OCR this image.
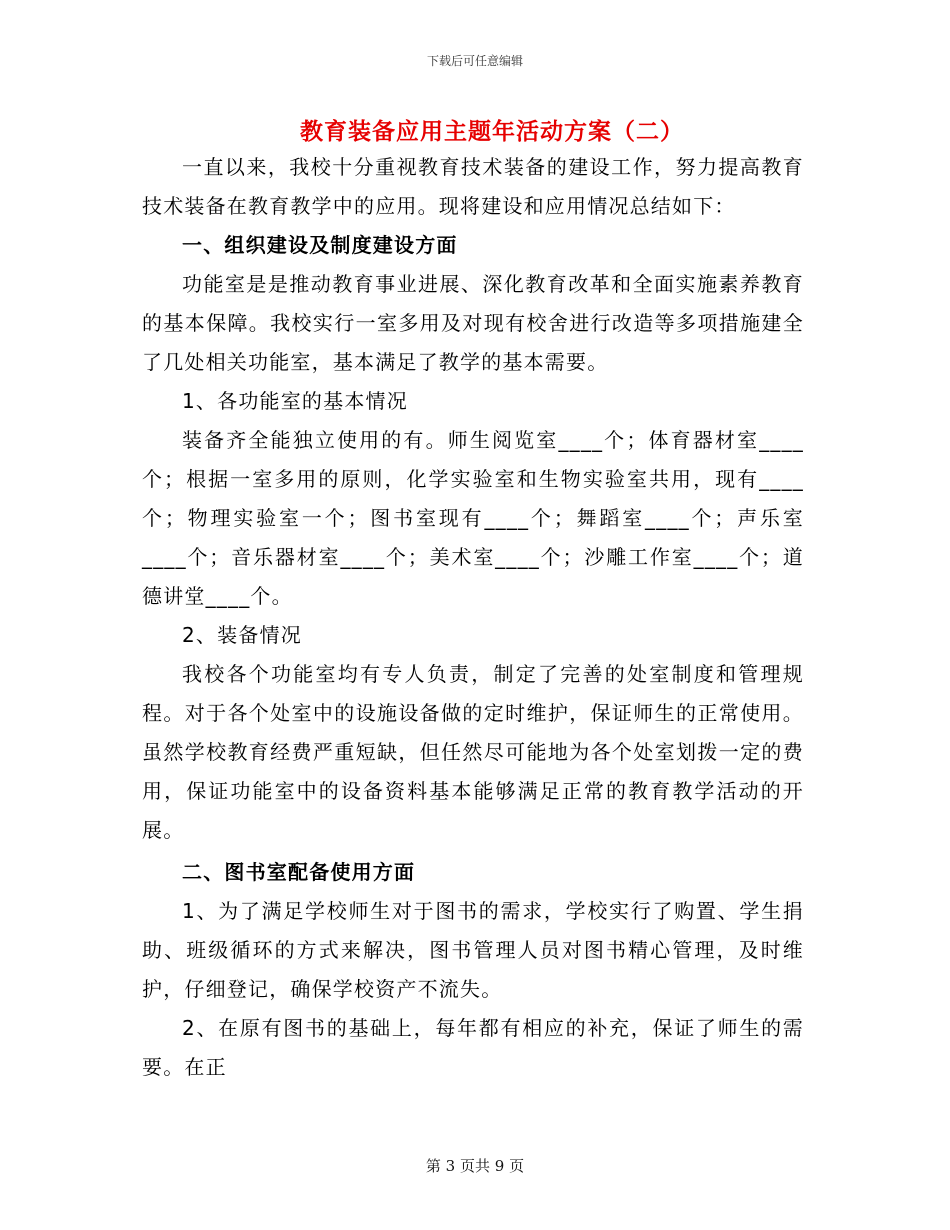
下载后可任意编辑
教育装备应用主题年活动方案（二）

一直以来，我校十分重视教育技术装备的建设工作，努力提高教育技术装备在教育教学中的应用。现将建设和应用情况总结如下：

一、组织建设及制度建设方面

功能室是是推动教育事业进展、深化教育改革和全面实施素养教育的基本保障。我校实行一室多用及对现有校舍进行改造等多项措施建全了几处相关功能室，基本满足了教学的基本需要。

1、各功能室的基本情况

装备齐全能独立使用的有。师生阅览室____个；体育器材室____个；根据一室多用的原则，化学实验室和生物实验室共用，现有____个；物理实验室一个；图书室现有____个；舞蹈室____个；声乐室____个；音乐器材室____个；美术室____个；沙雕工作室____个；道德讲堂____个。

2、装备情况

我校各个功能室均有专人负责，制定了完善的处室制度和管理规程。对于各个处室中的设施设备做的定时维护，保证师生的正常使用。虽然学校教育经费严重短缺，但任然尽可能地为各个处室划拨一定的费用，保证功能室中的设备资料基本能够满足正常的教育教学活动的开展。

二、图书室配备使用方面

1、为了满足学校师生对于图书的需求，学校实行了购置、学生捐助、班级循环的方式来解决，图书管理人员对图书精心管理，及时维护，仔细登记，确保学校资产不流失。

2、在原有图书的基础上，每年都有相应的补充，保证了师生的需要。在正

第 3 页共 9 页
